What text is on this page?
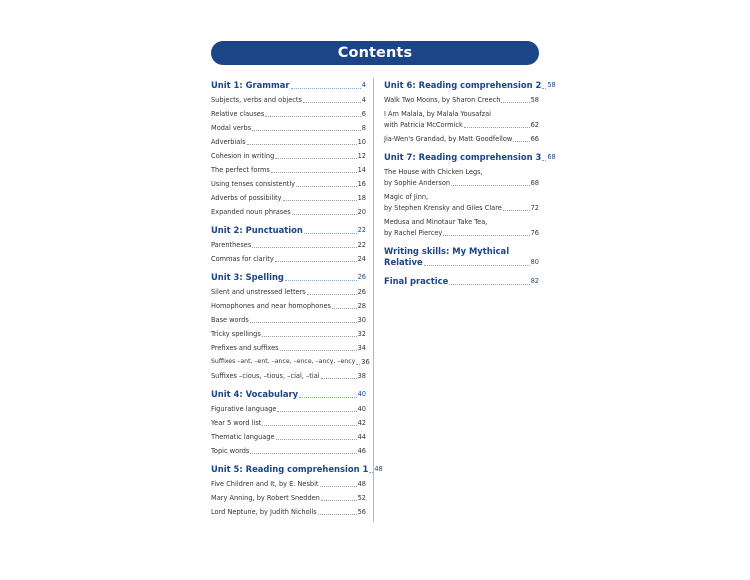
Contents
Unit 1: Grammar	4
Subjects, verbs and objects	4
Relative clauses	6
Modal verbs	8
Adverbials	10
Cohesion in writing	12
The perfect forms	14
Using tenses consistently	16
Adverbs of possibility	18
Expanded noun phrases	20
Unit 2: Punctuation	22
Parentheses	22
Commas for clarity	24
Unit 3: Spelling	26
Silent and unstressed letters	26
Homophones and near homophones	28
Base words	30
Tricky spellings	32
Prefixes and suffixes	34
Suffixes –ant, –ent, –ance, –ence, –ancy, –ency 36
Suffixes –cious, –tious, –cial, –tial	38
Unit 4: Vocabulary	40
Figurative language	40
Year 5 word list	42
Thematic language	44
Topic words	46
Unit 5: Reading comprehension 1 48
Five Children and It, by E. Nesbit	48
Mary Anning, by Robert Snedden	52
Lord Neptune, by Judith Nicholls	56
Unit 6: Reading comprehension 2 58
Walk Two Moons, by Sharon Creech	58
I Am Malala, by Malala Yousafzai
with Patricia McCormick	62
Jia-Wen's Grandad, by Matt Goodfellow	66
Unit 7: Reading comprehension 3 68
The House with Chicken Legs,
by Sophie Anderson	68
Magic of Jinn,
by Stephen Krensky and Giles Clare	72
Medusa and Minotaur Take Tea,
by Rachel Piercey	76
Writing skills: My Mythical
Relative	80
Final practice	82
